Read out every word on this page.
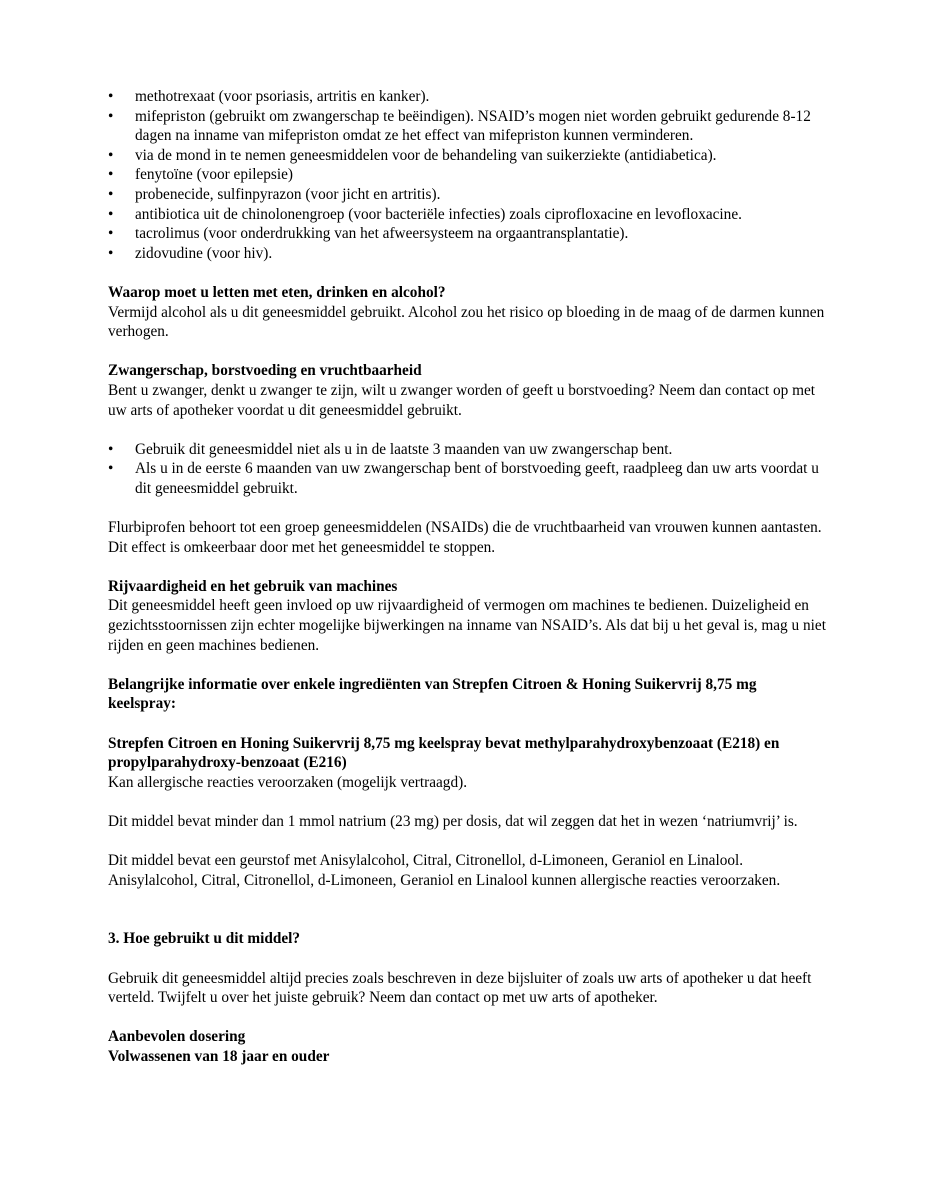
•	methotrexaat (voor psoriasis, artritis en kanker).
•	mifepriston (gebruikt om zwangerschap te beëindigen). NSAID’s mogen niet worden gebruikt gedurende 8-12 dagen na inname van mifepriston omdat ze het effect van mifepriston kunnen verminderen.
•	via de mond in te nemen geneesmiddelen voor de behandeling van suikerziekte (antidiabetica).
•	fenytoïne (voor epilepsie)
•	probenecide, sulfinpyrazon (voor jicht en artritis).
•	antibiotica uit de chinolonengroep (voor bacteriële infecties) zoals ciprofloxacine en levofloxacine.
•	tacrolimus (voor onderdrukking van het afweersysteem na orgaantransplantatie).
•	zidovudine (voor hiv).

Waarop moet u letten met eten, drinken en alcohol?

Vermijd alcohol als u dit geneesmiddel gebruikt. Alcohol zou het risico op bloeding in de maag of de darmen kunnen verhogen.

Zwangerschap, borstvoeding en vruchtbaarheid

Bent u zwanger, denkt u zwanger te zijn, wilt u zwanger worden of geeft u borstvoeding? Neem dan contact op met uw arts of apotheker voordat u dit geneesmiddel gebruikt.

•	Gebruik dit geneesmiddel niet als u in de laatste 3 maanden van uw zwangerschap bent.
•	Als u in de eerste 6 maanden van uw zwangerschap bent of borstvoeding geeft, raadpleeg dan uw arts voordat u dit geneesmiddel gebruikt.

Flurbiprofen behoort tot een groep geneesmiddelen (NSAIDs) die de vruchtbaarheid van vrouwen kunnen aantasten. Dit effect is omkeerbaar door met het geneesmiddel te stoppen.

Rijvaardigheid en het gebruik van machines

Dit geneesmiddel heeft geen invloed op uw rijvaardigheid of vermogen om machines te bedienen. Duizeligheid en gezichtsstoornissen zijn echter mogelijke bijwerkingen na inname van NSAID’s. Als dat bij u het geval is, mag u niet rijden en geen machines bedienen.

Belangrijke informatie over enkele ingrediënten van Strepfen Citroen & Honing Suikervrij 8,75 mg keelspray:

Strepfen Citroen en Honing Suikervrij 8,75 mg keelspray bevat methylparahydroxybenzoaat (E218) en propylparahydroxy-benzoaat (E216)

Kan allergische reacties veroorzaken (mogelijk vertraagd).

Dit middel bevat minder dan 1 mmol natrium (23 mg) per dosis, dat wil zeggen dat het in wezen ‘natriumvrij’ is.

Dit middel bevat een geurstof met Anisylalcohol, Citral, Citronellol, d-Limoneen, Geraniol en Linalool. Anisylalcohol, Citral, Citronellol, d-Limoneen, Geraniol en Linalool kunnen allergische reacties veroorzaken.

3. Hoe gebruikt u dit middel?

Gebruik dit geneesmiddel altijd precies zoals beschreven in deze bijsluiter of zoals uw arts of apotheker u dat heeft verteld. Twijfelt u over het juiste gebruik? Neem dan contact op met uw arts of apotheker.

Aanbevolen dosering

Volwassenen van 18 jaar en ouder
